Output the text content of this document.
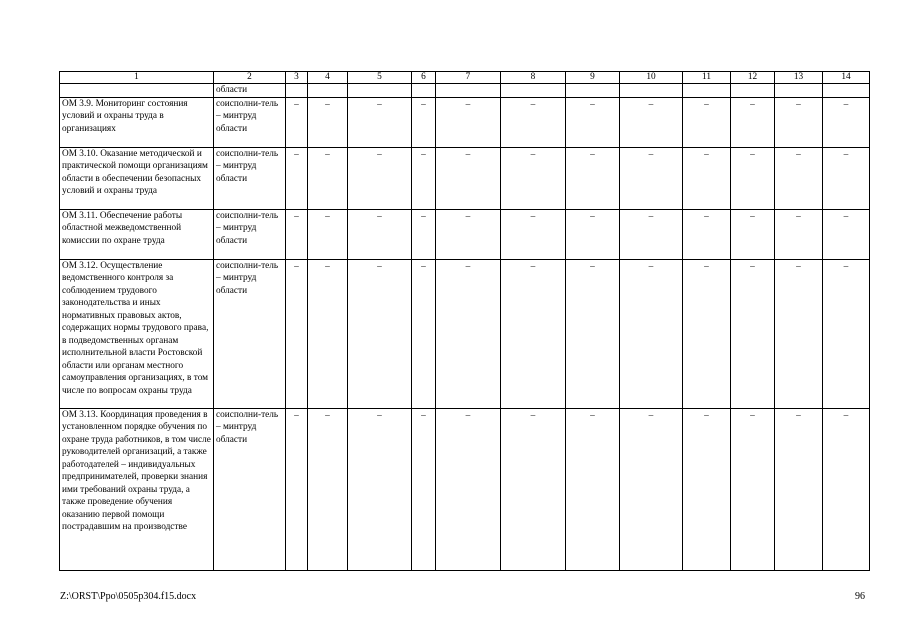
1	2	3	4	5	6	7	8	9	10	11	12	13	14
	области												
ОМ 3.9. Мониторинг состояния условий и охраны труда в организациях	соисполни-тель – минтруд области	–	–	–	–	–	–	–	–	–	–	–	–
ОМ 3.10. Оказание методической и практической помощи организациям области в обеспечении безопасных условий и охраны труда	соисполни-тель – минтруд области	–	–	–	–	–	–	–	–	–	–	–	–
ОМ 3.11. Обеспечение работы областной межведомственной комиссии по охране труда	соисполни-тель – минтруд области	–	–	–	–	–	–	–	–	–	–	–	–
ОМ 3.12. Осуществление ведомственного контроля за соблюдением трудового законодательства и иных нормативных правовых актов, содержащих нормы трудового права, в подведомственных органам исполнительной власти Ростовской области или органам местного самоуправления организациях, в том числе по вопросам охраны труда	соисполни-тель – минтруд области	–	–	–	–	–	–	–	–	–	–	–	–
ОМ 3.13. Координация проведения в установленном порядке обучения по охране труда работников, в том числе руководителей организаций, а также работодателей – индивидуальных предпринимателей, проверки знания ими требований охраны труда, а также проведение обучения оказанию первой помощи пострадавшим на производстве	соисполни-тель – минтруд области	–	–	–	–	–	–	–	–	–	–	–	–
Z:\ORST\Ppo\0505p304.f15.docx	96
